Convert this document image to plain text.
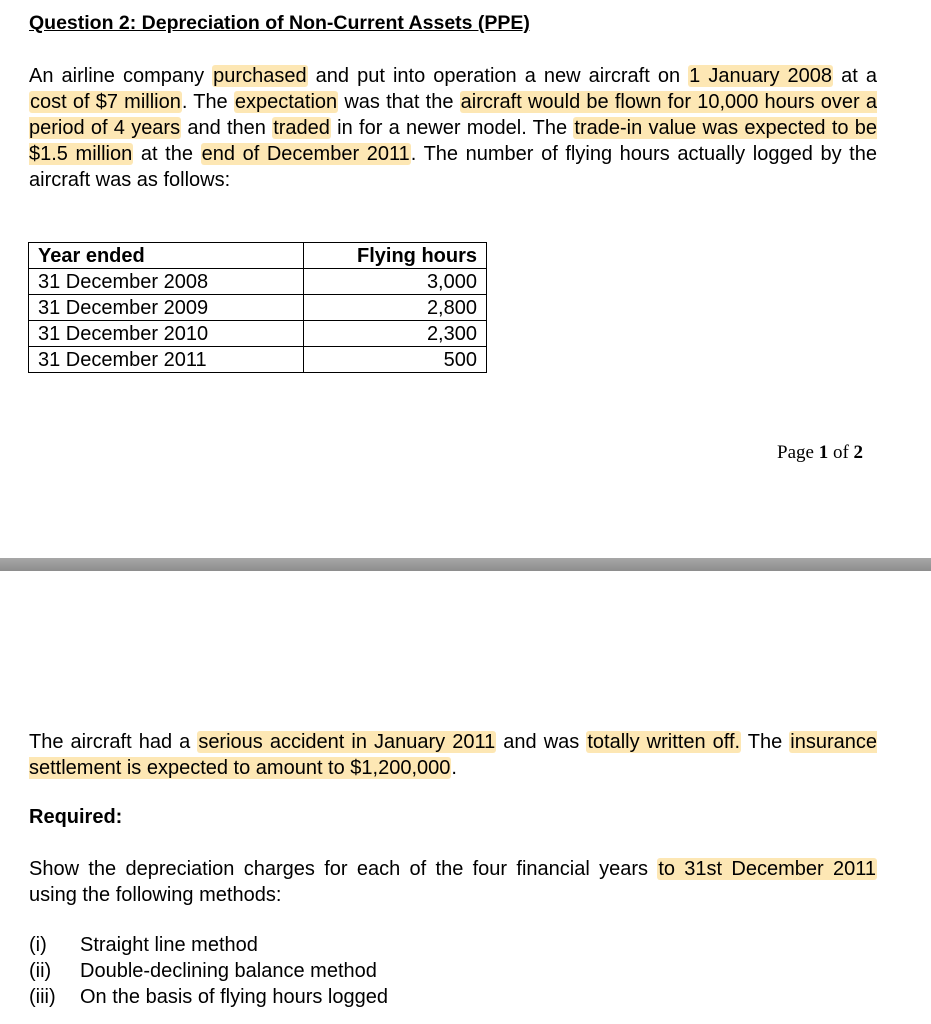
Question 2: Depreciation of Non-Current Assets (PPE)

An airline company purchased and put into operation a new aircraft on 1 January 2008 at a cost of $7 million. The expectation was that the aircraft would be flown for 10,000 hours over a period of 4 years and then traded in for a newer model. The trade-in value was expected to be $1.5 million at the end of December 2011. The number of flying hours actually logged by the aircraft was as follows:

Year ended	Flying hours
31 December 2008	3,000
31 December 2009	2,800
31 December 2010	2,300
31 December 2011	500
Page 1 of 2

The aircraft had a serious accident in January 2011 and was totally written off. The insurance settlement is expected to amount to $1,200,000.

Required:

Show the depreciation charges for each of the four financial years to 31st December 2011 using the following methods:

(i)	Straight line method
(ii)	Double-declining balance method
(iii)	On the basis of flying hours logged
